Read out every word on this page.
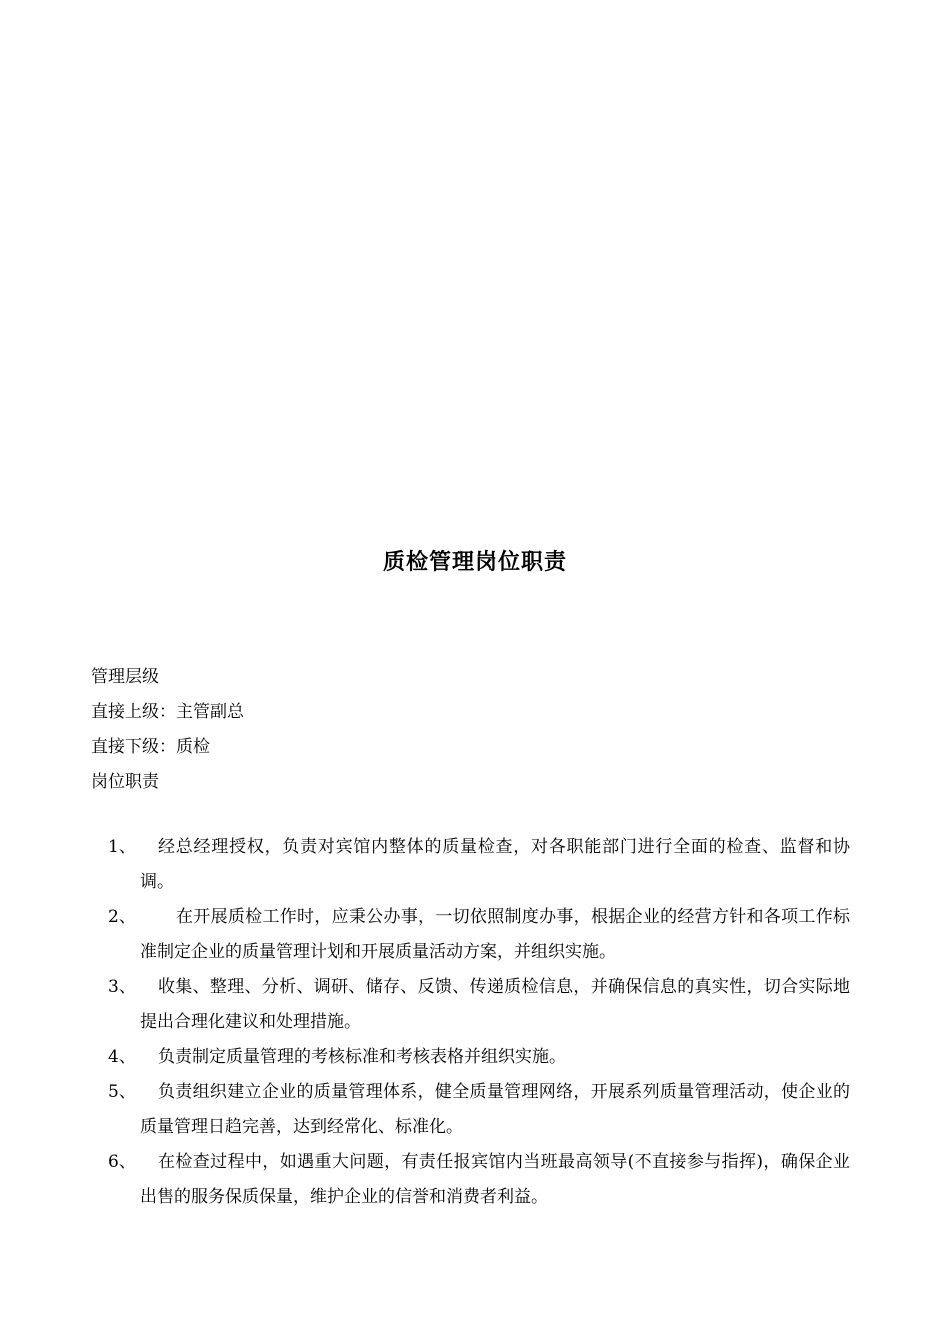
质检管理岗位职责
管理层级
直接上级：主管副总
直接下级：质检
岗位职责
1、	经总经理授权，负责对宾馆内整体的质量检查，对各职能部门进行全面的检查、监督和协调。
2、	在开展质检工作时，应秉公办事，一切依照制度办事，根据企业的经营方针和各项工作标准制定企业的质量管理计划和开展质量活动方案，并组织实施。
3、	收集、整理、分析、调研、储存、反馈、传递质检信息，并确保信息的真实性，切合实际地提出合理化建议和处理措施。
4、	负责制定质量管理的考核标准和考核表格并组织实施。
5、	负责组织建立企业的质量管理体系，健全质量管理网络，开展系列质量管理活动，使企业的质量管理日趋完善，达到经常化、标准化。
6、	在检查过程中，如遇重大问题，有责任报宾馆内当班最高领导(不直接参与指挥)，确保企业出售的服务保质保量，维护企业的信誉和消费者利益。
